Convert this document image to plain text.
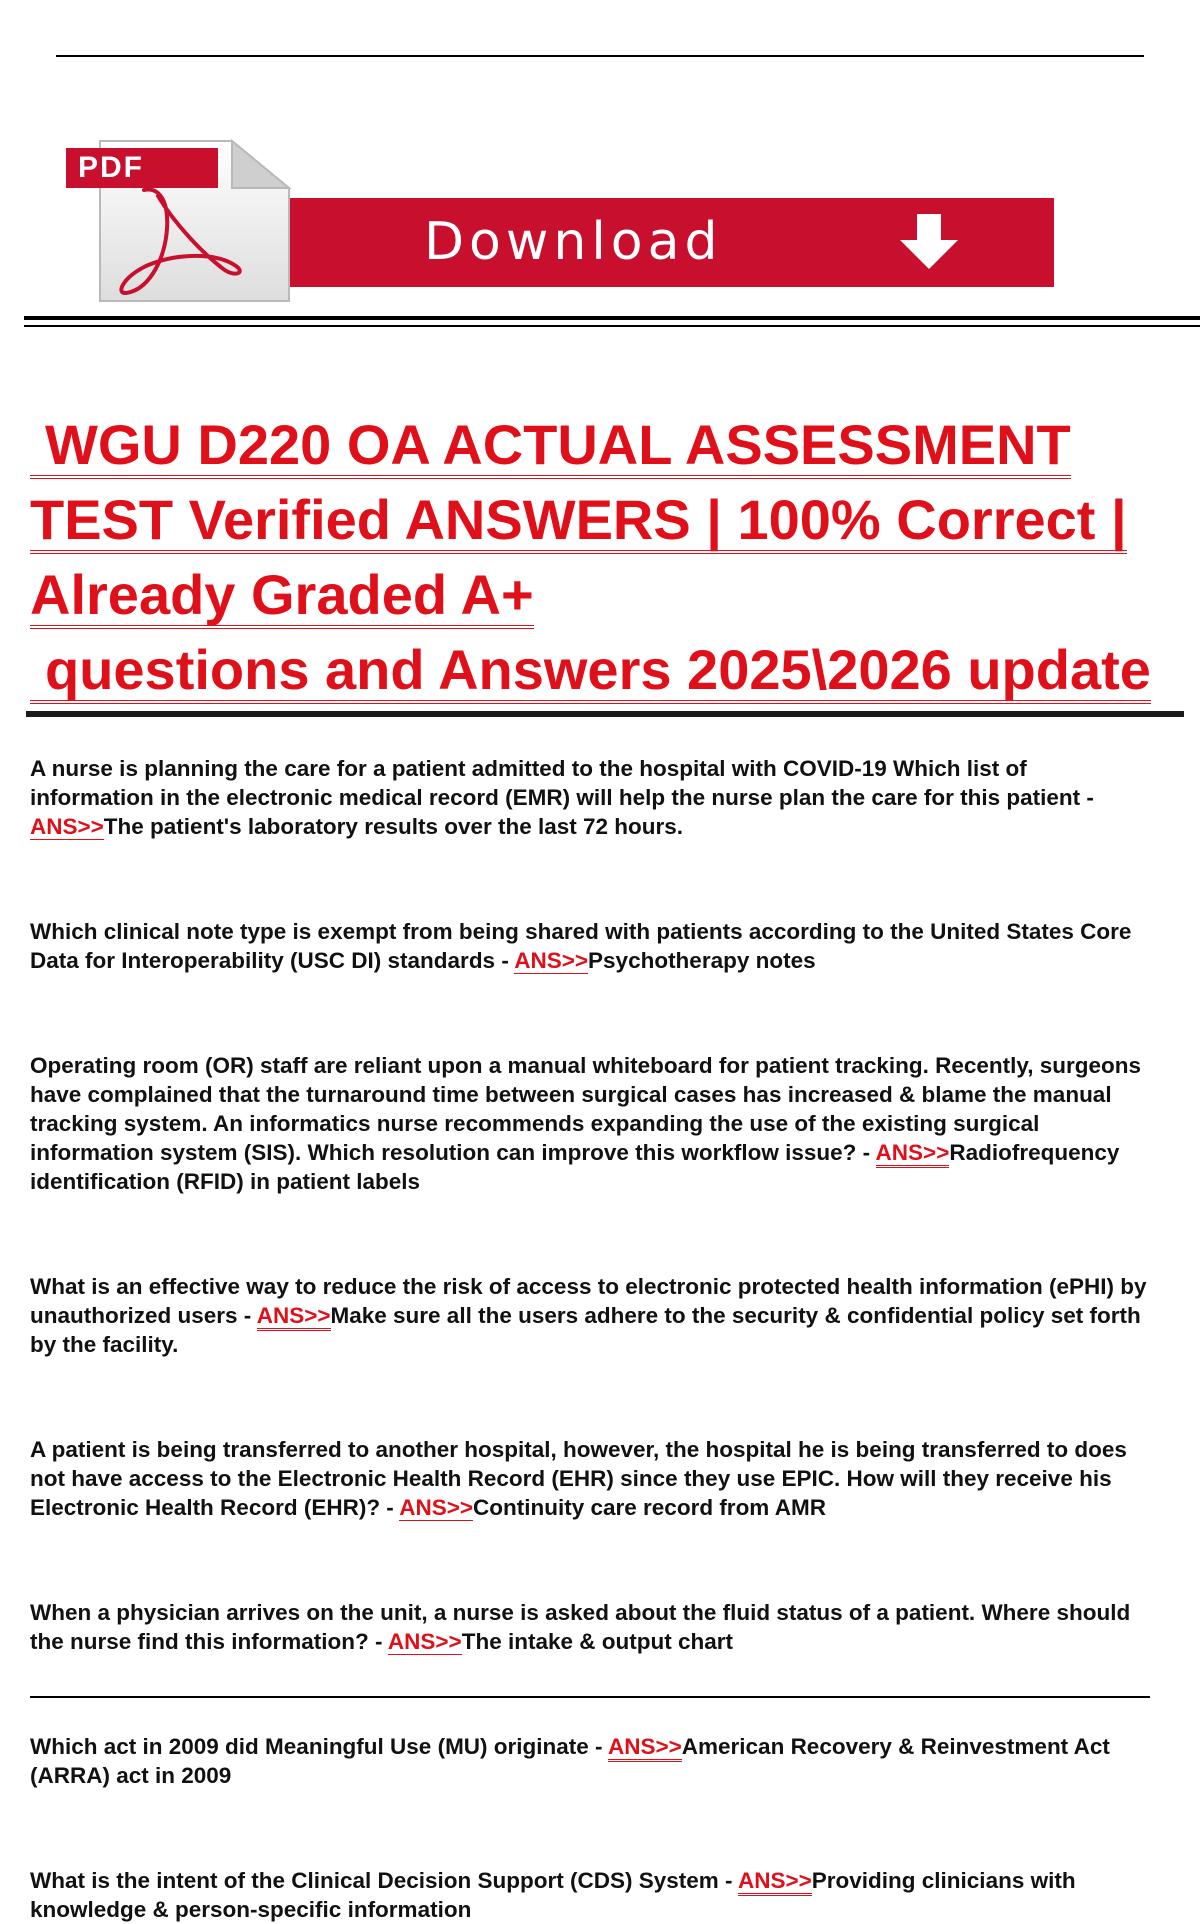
Download
PDF
WGU D220 OA ACTUAL ASSESSMENT
TEST Verified ANSWERS | 100% Correct |
Already Graded A+
questions and Answers 2025\2026 update

A nurse is planning the care for a patient admitted to the hospital with COVID-19 Which list of
information in the electronic medical record (EMR) will help the nurse plan the care for this patient -
ANS>>The patient's laboratory results over the last 72 hours.

Which clinical note type is exempt from being shared with patients according to the United States Core
Data for Interoperability (USC DI) standards - ANS>>Psychotherapy notes

Operating room (OR) staff are reliant upon a manual whiteboard for patient tracking. Recently, surgeons
have complained that the turnaround time between surgical cases has increased & blame the manual
tracking system. An informatics nurse recommends expanding the use of the existing surgical
information system (SIS). Which resolution can improve this workflow issue? - ANS>>Radiofrequency
identification (RFID) in patient labels

What is an effective way to reduce the risk of access to electronic protected health information (ePHI) by
unauthorized users - ANS>>Make sure all the users adhere to the security & confidential policy set forth
by the facility.

A patient is being transferred to another hospital, however, the hospital he is being transferred to does
not have access to the Electronic Health Record (EHR) since they use EPIC. How will they receive his
Electronic Health Record (EHR)? - ANS>>Continuity care record from AMR

When a physician arrives on the unit, a nurse is asked about the fluid status of a patient. Where should
the nurse find this information? - ANS>>The intake & output chart

Which act in 2009 did Meaningful Use (MU) originate - ANS>>American Recovery & Reinvestment Act
(ARRA) act in 2009

What is the intent of the Clinical Decision Support (CDS) System - ANS>>Providing clinicians with
knowledge & person-specific information
